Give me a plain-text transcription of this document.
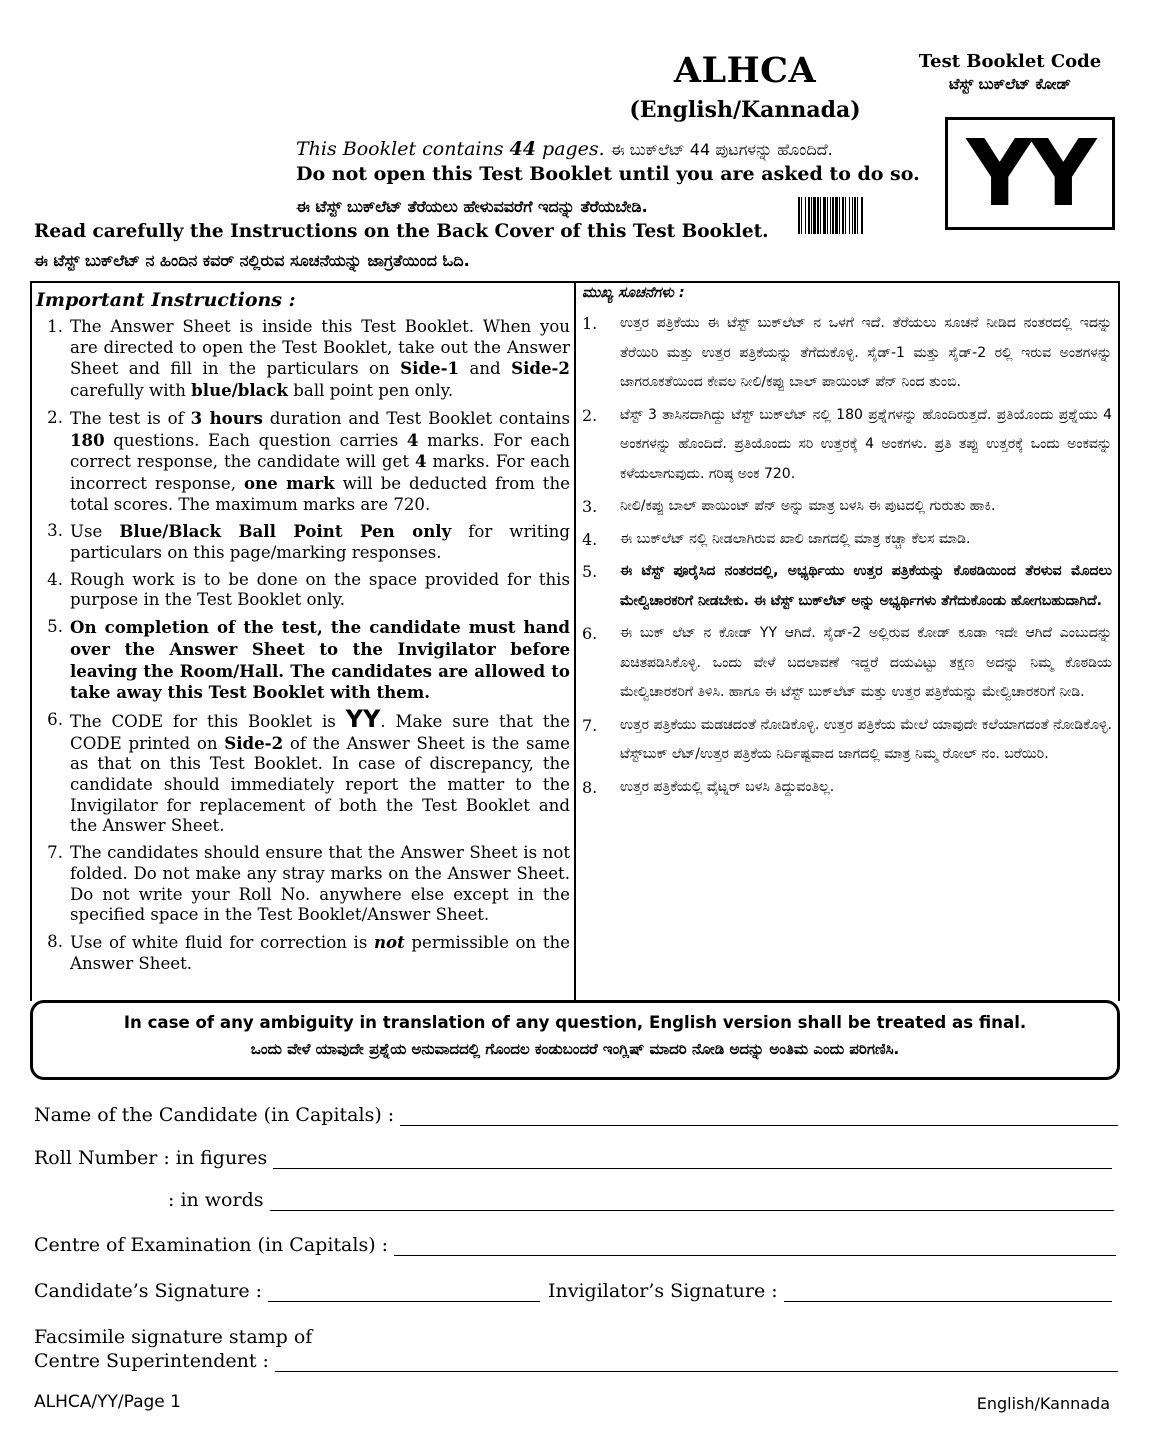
ALHCA
(English/Kannada)
Test Booklet Code
ಟೆಸ್ಟ್ ಬುಕ್‌ಲೆಟ್ ಕೋಡ್
YY
This Booklet contains 44 pages. ಈ ಬುಕ್‌ಲೆಟ್ 44 ಪುಟಗಳನ್ನು ಹೊಂದಿದೆ.
Do not open this Test Booklet until you are asked to do so.
ಈ ಟೆಸ್ಟ್ ಬುಕ್‌ಲೆಟ್ ತೆರೆಯಲು ಹೇಳುವವರೆಗೆ ಇದನ್ನು ತೆರೆಯಬೇಡಿ.
Read carefully the Instructions on the Back Cover of this Test Booklet.
ಈ ಟೆಸ್ಟ್ ಬುಕ್‌ಲೆಟ್ ನ ಹಿಂದಿನ ಕವರ್ ನಲ್ಲಿರುವ ಸೂಚನೆಯನ್ನು ಜಾಗ್ರತೆಯಿಂದ ಓದಿ.
Important Instructions :
1. The Answer Sheet is inside this Test Booklet. When you are directed to open the Test Booklet, take out the Answer Sheet and fill in the particulars on Side-1 and Side-2 carefully with blue/black ball point pen only.
2. The test is of 3 hours duration and Test Booklet contains 180 questions. Each question carries 4 marks. For each correct response, the candidate will get 4 marks. For each incorrect response, one mark will be deducted from the total scores. The maximum marks are 720.
3. Use Blue/Black Ball Point Pen only for writing particulars on this page/marking responses.
4. Rough work is to be done on the space provided for this purpose in the Test Booklet only.
5. On completion of the test, the candidate must hand over the Answer Sheet to the Invigilator before leaving the Room/Hall. The candidates are allowed to take away this Test Booklet with them.
6. The CODE for this Booklet is YY. Make sure that the CODE printed on Side-2 of the Answer Sheet is the same as that on this Test Booklet. In case of discrepancy, the candidate should immediately report the matter to the Invigilator for replacement of both the Test Booklet and the Answer Sheet.
7. The candidates should ensure that the Answer Sheet is not folded. Do not make any stray marks on the Answer Sheet. Do not write your Roll No. anywhere else except in the specified space in the Test Booklet/Answer Sheet.
8. Use of white fluid for correction is not permissible on the Answer Sheet.
ಮುಖ್ಯ ಸೂಚನೆಗಳು :
1.	ಉತ್ತರ ಪತ್ರಿಕೆಯು ಈ ಟೆಸ್ಟ್ ಬುಕ್‌ಲೆಟ್ ನ ಒಳಗೆ ಇದೆ. ತೆರೆಯಲು ಸೂಚನೆ ನೀಡಿದ ನಂತರದಲ್ಲಿ ಇದನ್ನು ತೆರೆಯಿರಿ ಮತ್ತು ಉತ್ತರ ಪತ್ರಿಕೆಯನ್ನು ತೆಗೆದುಕೊಳ್ಳಿ. ಸೈಡ್-1 ಮತ್ತು ಸೈಡ್-2 ರಲ್ಲಿ ಇರುವ ಅಂಶಗಳನ್ನು ಜಾಗರೂಕತೆಯಿಂದ ಕೇವಲ ನೀಲಿ/ಕಪ್ಪು ಬಾಲ್ ಪಾಯಿಂಟ್ ಪೆನ್ ನಿಂದ ತುಂಬಿ.
2.	ಟೆಸ್ಟ್ 3 ತಾಸಿನದಾಗಿದ್ದು ಟೆಸ್ಟ್ ಬುಕ್‌ಲೆಟ್ ನಲ್ಲಿ 180 ಪ್ರಶ್ನೆಗಳನ್ನು ಹೊಂದಿರುತ್ತದೆ. ಪ್ರತಿಯೊಂದು ಪ್ರಶ್ನೆಯು 4 ಅಂಕಗಳನ್ನು ಹೊಂದಿದೆ. ಪ್ರತಿಯೊಂದು ಸರಿ ಉತ್ತರಕ್ಕೆ 4 ಅಂಕಗಳು. ಪ್ರತಿ ತಪ್ಪು ಉತ್ತರಕ್ಕೆ ಒಂದು ಅಂಕವನ್ನು ಕಳೆಯಲಾಗುವುದು. ಗರಿಷ್ಠ ಅಂಕ 720.
3.	ನೀಲಿ/ಕಪ್ಪು ಬಾಲ್ ಪಾಯಿಂಟ್ ಪೆನ್ ಅನ್ನು ಮಾತ್ರ ಬಳಸಿ ಈ ಪುಟದಲ್ಲಿ ಗುರುತು ಹಾಕಿ.
4.	ಈ ಬುಕ್‌ಲೆಟ್ ನಲ್ಲಿ ನೀಡಲಾಗಿರುವ ಖಾಲಿ ಜಾಗದಲ್ಲಿ ಮಾತ್ರ ಕಚ್ಚಾ ಕೆಲಸ ಮಾಡಿ.
5.	ಈ ಟೆಸ್ಟ್ ಪೂರೈಸಿದ ನಂತರದಲ್ಲಿ, ಅಭ್ಯರ್ಥಿಯು ಉತ್ತರ ಪತ್ರಿಕೆಯನ್ನು ಕೊಠಡಿಯಿಂದ ತೆರಳುವ ಮೊದಲು ಮೇಲ್ವಿಚಾರಕರಿಗೆ ನೀಡಬೇಕು. ಈ ಟೆಸ್ಟ್ ಬುಕ್‌ಲೆಟ್ ಅನ್ನು ಅಭ್ಯರ್ಥಿಗಳು ತೆಗೆದುಕೊಂಡು ಹೋಗಬಹುದಾಗಿದೆ.
6.	ಈ ಬುಕ್ ಲೆಟ್ ನ ಕೋಡ್ YY ಆಗಿದೆ. ಸೈಡ್-2 ಅಲ್ಲಿರುವ ಕೋಡ್ ಕೂಡಾ ಇದೇ ಆಗಿದೆ ಎಂಬುದನ್ನು ಖಚಿತಪಡಿಸಿಕೊಳ್ಳಿ. ಒಂದು ವೇಳೆ ಬದಲಾವಣೆ ಇದ್ದರೆ ದಯವಿಟ್ಟು ತಕ್ಷಣ ಅದನ್ನು ನಿಮ್ಮ ಕೊಠಡಿಯ ಮೇಲ್ವಿಚಾರಕರಿಗೆ ತಿಳಿಸಿ. ಹಾಗೂ ಈ ಟೆಸ್ಟ್ ಬುಕ್‌ಲೆಟ್ ಮತ್ತು ಉತ್ತರ ಪತ್ರಿಕೆಯನ್ನು ಮೇಲ್ವಿಚಾರಕರಿಗೆ ನೀಡಿ.
7.	ಉತ್ತರ ಪತ್ರಿಕೆಯು ಮಡಚದಂತೆ ನೋಡಿಕೊಳ್ಳಿ. ಉತ್ತರ ಪತ್ರಿಕೆಯ ಮೇಲೆ ಯಾವುದೇ ಕಲೆಯಾಗದಂತೆ ನೋಡಿಕೊಳ್ಳಿ. ಟೆಸ್ಟ್‌ಬುಕ್ ಲೆಟ್/ಉತ್ತರ ಪತ್ರಿಕೆಯ ನಿರ್ದಿಷ್ಟವಾದ ಜಾಗದಲ್ಲಿ ಮಾತ್ರ ನಿಮ್ಮ ರೋಲ್ ನಂ. ಬರೆಯಿರಿ.
8.	ಉತ್ತರ ಪತ್ರಿಕೆಯಲ್ಲಿ ವೈಟ್ನರ್ ಬಳಸಿ ತಿದ್ದುವಂತಿಲ್ಲ.
In case of any ambiguity in translation of any question, English version shall be treated as final.
ಒಂದು ವೇಳೆ ಯಾವುದೇ ಪ್ರಶ್ನೆಯ ಅನುವಾದದಲ್ಲಿ ಗೊಂದಲ ಕಂಡುಬಂದರೆ ಇಂಗ್ಲಿಷ್ ಮಾದರಿ ನೋಡಿ ಅದನ್ನು ಅಂತಿಮ ಎಂದು ಪರಿಗಣಿಸಿ.
Name of the Candidate (in Capitals) :
Roll Number : in figures
: in words
Centre of Examination (in Capitals) :
Candidate’s Signature :	Invigilator’s Signature :
Facsimile signature stamp of
Centre Superintendent :
ALHCA/YY/Page 1	English/Kannada
